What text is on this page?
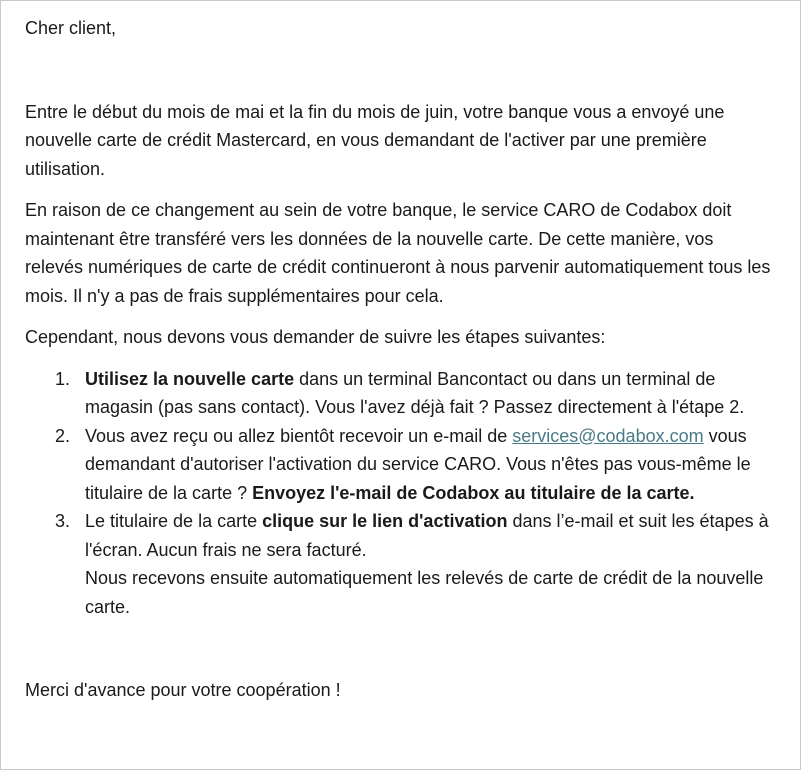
Cher client,

Entre le début du mois de mai et la fin du mois de juin, votre banque vous a envoyé une nouvelle carte de crédit Mastercard, en vous demandant de l'activer par une première utilisation.

En raison de ce changement au sein de votre banque, le service CARO de Codabox doit maintenant être transféré vers les données de la nouvelle carte. De cette manière, vos relevés numériques de carte de crédit continueront à nous parvenir automatiquement tous les mois. Il n'y a pas de frais supplémentaires pour cela.

Cependant, nous devons vous demander de suivre les étapes suivantes:

1. Utilisez la nouvelle carte dans un terminal Bancontact ou dans un terminal de magasin (pas sans contact). Vous l'avez déjà fait ? Passez directement à l'étape 2.
2. Vous avez reçu ou allez bientôt recevoir un e-mail de services@codabox.com vous demandant d'autoriser l'activation du service CARO. Vous n'êtes pas vous-même le titulaire de la carte ? Envoyez l'e-mail de Codabox au titulaire de la carte.
3. Le titulaire de la carte clique sur le lien d'activation dans l’e-mail et suit les étapes à l'écran. Aucun frais ne sera facturé.
Nous recevons ensuite automatiquement les relevés de carte de crédit de la nouvelle carte.

Merci d'avance pour votre coopération !
